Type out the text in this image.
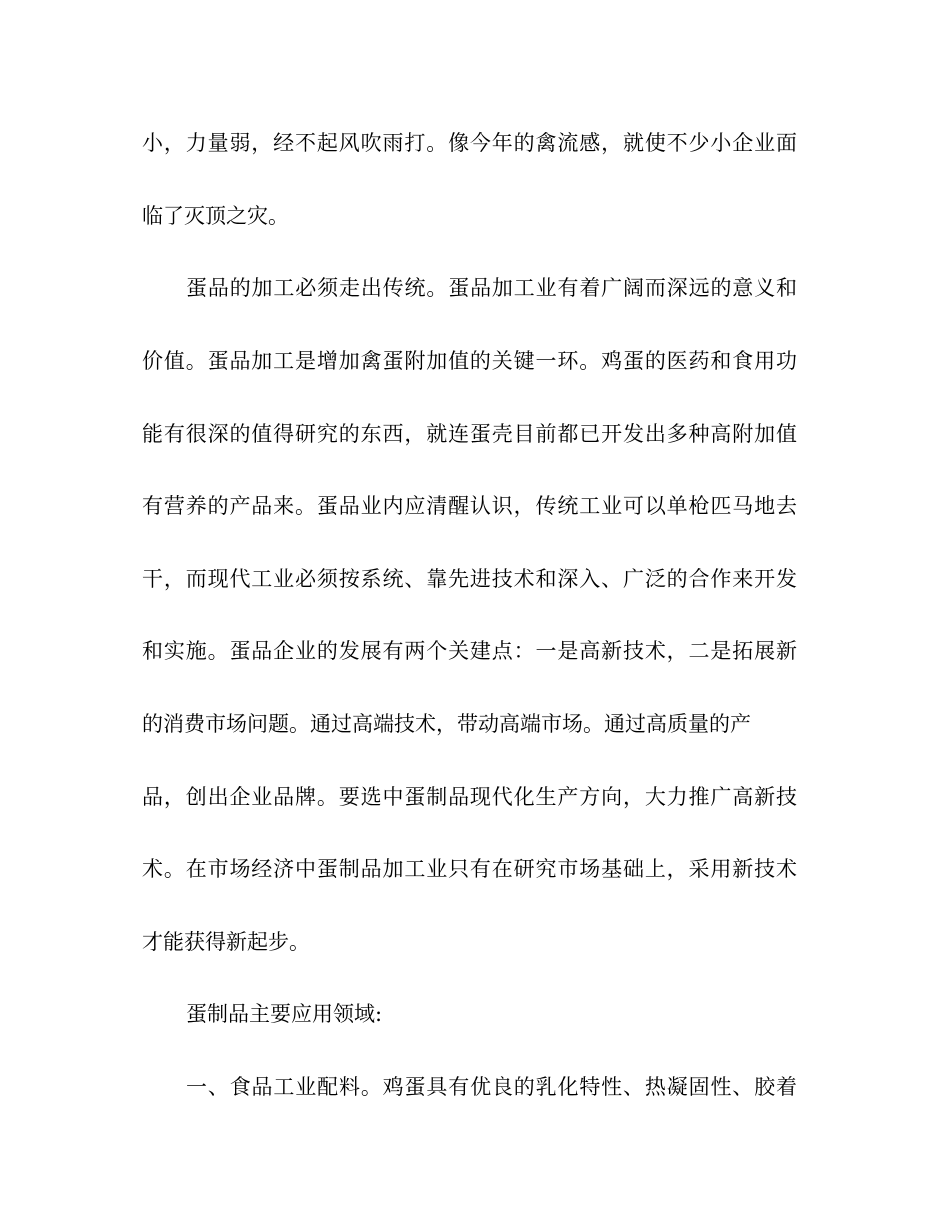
小，力量弱，经不起风吹雨打。像今年的禽流感，就使不少小企业面
临了灭顶之灾。
蛋品的加工必须走出传统。蛋品加工业有着广阔而深远的意义和
价值。蛋品加工是增加禽蛋附加值的关键一环。鸡蛋的医药和食用功
能有很深的值得研究的东西，就连蛋壳目前都已开发出多种高附加值
有营养的产品来。蛋品业内应清醒认识，传统工业可以单枪匹马地去
干，而现代工业必须按系统、靠先进技术和深入、广泛的合作来开发
和实施。蛋品企业的发展有两个关建点：一是高新技术，二是拓展新
的消费市场问题。通过高端技术，带动高端市场。通过高质量的产
品，创出企业品牌。要选中蛋制品现代化生产方向，大力推广高新技
术。在市场经济中蛋制品加工业只有在研究市场基础上，采用新技术
才能获得新起步。
蛋制品主要应用领域:
一、食品工业配料。鸡蛋具有优良的乳化特性、热凝固性、胶着
